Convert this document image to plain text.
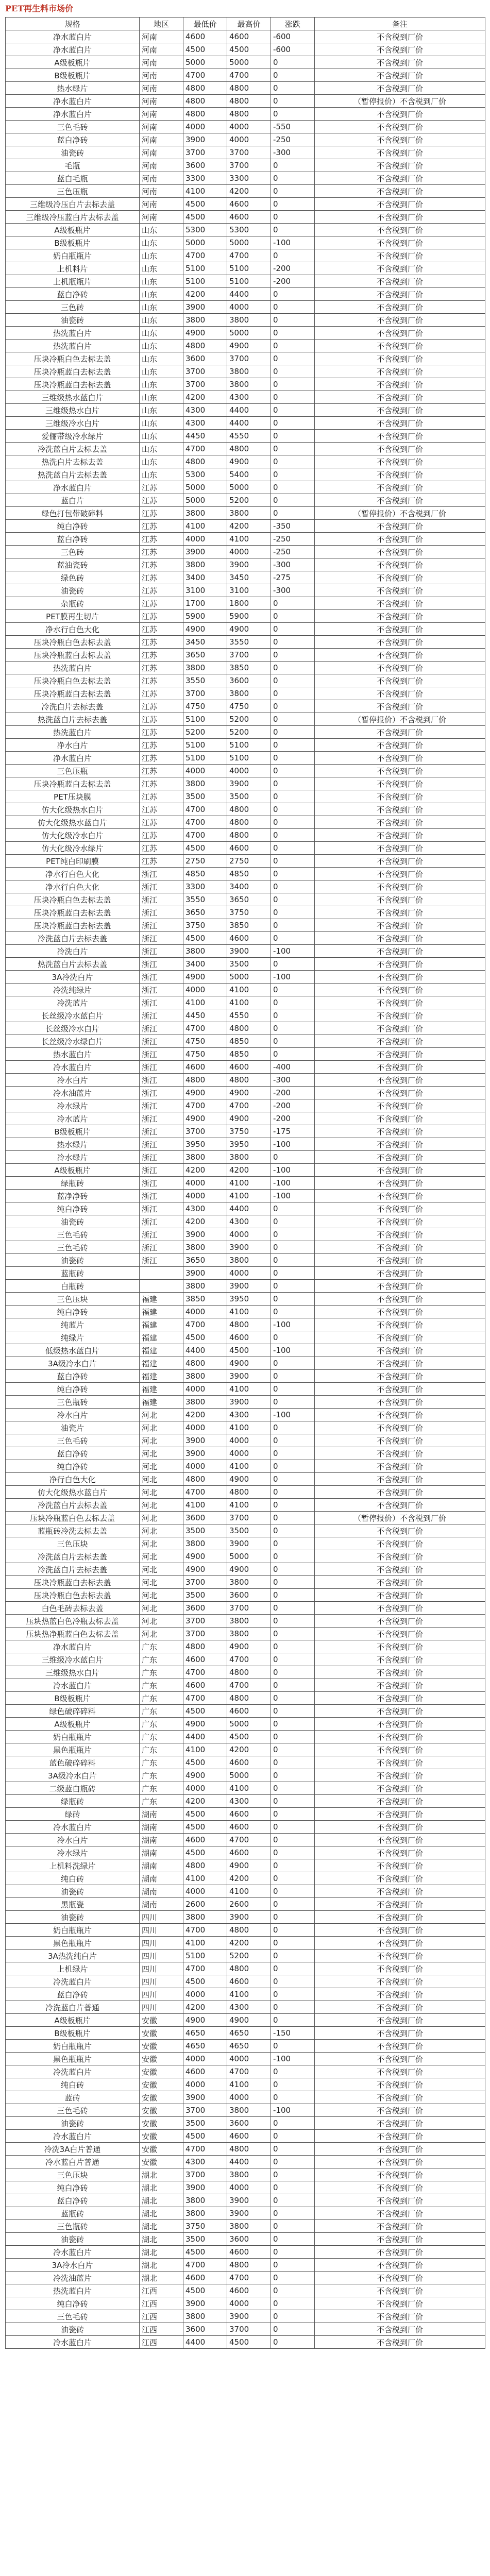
PET再生料市场价
规格	地区	最低价	最高价	涨跌	备注
净水蓝白片	河南	4600	4600	-600	不含税到厂价
净水蓝白片	河南	4500	4500	-600	不含税到厂价
A级板瓶片	河南	5000	5000	0	不含税到厂价
B级板瓶片	河南	4700	4700	0	不含税到厂价
热水绿片	河南	4800	4800	0	不含税到厂价
净水蓝白片	河南	4800	4800	0	（暂停报价）不含税到厂价
净水蓝白片	河南	4800	4800	0	不含税到厂价
三色毛砖	河南	4000	4000	-550	不含税到厂价
蓝白净砖	河南	3900	4000	-250	不含税到厂价
油瓷砖	河南	3700	3700	-300	不含税到厂价
毛瓶	河南	3600	3700	0	不含税到厂价
蓝白毛瓶	河南	3300	3300	0	不含税到厂价
三色压瓶	河南	4100	4200	0	不含税到厂价
三维级冷压白片去标去盖	河南	4500	4600	0	不含税到厂价
三维级冷压蓝白片去标去盖	河南	4500	4600	0	不含税到厂价
A级板瓶片	山东	5300	5300	0	不含税到厂价
B级板瓶片	山东	5000	5000	-100	不含税到厂价
奶白瓶瓶片	山东	4700	4700	0	不含税到厂价
上机料片	山东	5100	5100	-200	不含税到厂价
上机瓶瓶片	山东	5100	5100	-200	不含税到厂价
蓝白净砖	山东	4200	4400	0	不含税到厂价
三色砖	山东	3900	4000	0	不含税到厂价
油瓷砖	山东	3800	3800	0	不含税到厂价
热洗蓝白片	山东	4900	5000	0	不含税到厂价
热洗蓝白片	山东	4800	4900	0	不含税到厂价
压块冷瓶白色去标去盖	山东	3600	3700	0	不含税到厂价
压块冷瓶蓝白去标去盖	山东	3700	3800	0	不含税到厂价
压块冷瓶蓝白去标去盖	山东	3700	3800	0	不含税到厂价
三维级热水蓝白片	山东	4200	4300	0	不含税到厂价
三维级热水白片	山东	4300	4400	0	不含税到厂价
三维级冷水白片	山东	4300	4400	0	不含税到厂价
爱俪带级冷水绿片	山东	4450	4550	0	不含税到厂价
冷洗蓝白片去标去盖	山东	4700	4800	0	不含税到厂价
热洗白片去标去盖	山东	4800	4900	0	不含税到厂价
热洗蓝白片去标去盖	山东	5300	5400	0	不含税到厂价
净水蓝白片	江苏	5000	5000	0	不含税到厂价
蓝白片	江苏	5000	5200	0	不含税到厂价
绿色打包带破碎料	江苏	3800	3800	0	（暂停报价）不含税到厂价
纯白净砖	江苏	4100	4200	-350	不含税到厂价
蓝白净砖	江苏	4000	4100	-250	不含税到厂价
三色砖	江苏	3900	4000	-250	不含税到厂价
蓝油瓷砖	江苏	3800	3900	-300	不含税到厂价
绿色砖	江苏	3400	3450	-275	不含税到厂价
油瓷砖	江苏	3100	3100	-300	不含税到厂价
杂瓶砖	江苏	1700	1800	0	不含税到厂价
PET膜再生切片	江苏	5900	5900	0	不含税到厂价
净水行白色大化	江苏	4900	4900	0	不含税到厂价
压块冷瓶白色去标去盖	江苏	3450	3550	0	不含税到厂价
压块冷瓶蓝白去标去盖	江苏	3650	3700	0	不含税到厂价
热洗蓝白片	江苏	3800	3850	0	不含税到厂价
压块冷瓶白色去标去盖	江苏	3550	3600	0	不含税到厂价
压块冷瓶蓝白去标去盖	江苏	3700	3800	0	不含税到厂价
冷洗白片去标去盖	江苏	4750	4750	0	不含税到厂价
热洗蓝白片去标去盖	江苏	5100	5200	0	（暂停报价）不含税到厂价
热洗蓝白片	江苏	5200	5200	0	不含税到厂价
净水白片	江苏	5100	5100	0	不含税到厂价
净水蓝白片	江苏	5100	5100	0	不含税到厂价
三色压瓶	江苏	4000	4000	0	不含税到厂价
压块冷瓶蓝白去标去盖	江苏	3800	3900	0	不含税到厂价
PET压块膜	江苏	3500	3500	0	不含税到厂价
仿大化级热水白片	江苏	4700	4800	0	不含税到厂价
仿大化级热水蓝白片	江苏	4700	4800	0	不含税到厂价
仿大化级冷水白片	江苏	4700	4800	0	不含税到厂价
仿大化级冷水绿片	江苏	4500	4600	0	不含税到厂价
PET纯白印刷膜	江苏	2750	2750	0	不含税到厂价
净水行白色大化	浙江	4850	4850	0	不含税到厂价
净水行白色大化	浙江	3300	3400	0	不含税到厂价
压块冷瓶白色去标去盖	浙江	3550	3650	0	不含税到厂价
压块冷瓶蓝白去标去盖	浙江	3650	3750	0	不含税到厂价
压块冷瓶蓝白去标去盖	浙江	3750	3850	0	不含税到厂价
冷洗蓝白片去标去盖	浙江	4500	4600	0	不含税到厂价
冷洗白片	浙江	3800	3900	-100	不含税到厂价
热洗蓝白片去标去盖	浙江	3400	3500	0	不含税到厂价
3A冷洗白片	浙江	4900	5000	-100	不含税到厂价
冷洗纯绿片	浙江	4000	4100	0	不含税到厂价
冷洗蓝片	浙江	4100	4100	0	不含税到厂价
长丝级冷水蓝白片	浙江	4450	4550	0	不含税到厂价
长丝级冷水白片	浙江	4700	4800	0	不含税到厂价
长丝级冷水绿白片	浙江	4750	4850	0	不含税到厂价
热水蓝白片	浙江	4750	4850	0	不含税到厂价
冷水蓝白片	浙江	4600	4600	-400	不含税到厂价
冷水白片	浙江	4800	4800	-300	不含税到厂价
冷水油蓝片	浙江	4900	4900	-200	不含税到厂价
冷水绿片	浙江	4700	4700	-200	不含税到厂价
冷水蓝片	浙江	4900	4900	-200	不含税到厂价
B级板瓶片	浙江	3700	3750	-175	不含税到厂价
热水绿片	浙江	3950	3950	-100	不含税到厂价
冷水绿片	浙江	3800	3800	0	不含税到厂价
A级板瓶片	浙江	4200	4200	-100	不含税到厂价
绿瓶砖	浙江	4000	4100	-100	不含税到厂价
蓝净净砖	浙江	4000	4100	-100	不含税到厂价
纯白净砖	浙江	4300	4400	0	不含税到厂价
油瓷砖	浙江	4200	4300	0	不含税到厂价
三色毛砖	浙江	3900	4000	0	不含税到厂价
三色毛砖	浙江	3800	3900	0	不含税到厂价
油瓷砖	浙江	3650	3800	0	不含税到厂价
蓝瓶砖		3900	4000	0	不含税到厂价
白瓶砖		3800	3900	0	不含税到厂价
三色压块	福建	3850	3950	0	不含税到厂价
纯白净砖	福建	4000	4100	0	不含税到厂价
纯蓝片	福建	4700	4800	-100	不含税到厂价
纯绿片	福建	4500	4600	0	不含税到厂价
低级热水蓝白片	福建	4400	4500	-100	不含税到厂价
3A级冷水白片	福建	4800	4900	0	不含税到厂价
蓝白净砖	福建	3800	3900	0	不含税到厂价
纯白净砖	福建	4000	4100	0	不含税到厂价
三色瓶砖	福建	3800	3900	0	不含税到厂价
冷水白片	河北	4200	4300	-100	不含税到厂价
油瓷片	河北	4000	4100	0	不含税到厂价
三色毛砖	河北	3900	4000	0	不含税到厂价
蓝白净砖	河北	3900	4000	0	不含税到厂价
纯白净砖	河北	4000	4100	0	不含税到厂价
净行白色大化	河北	4800	4900	0	不含税到厂价
仿大化级热水蓝白片	河北	4700	4800	0	不含税到厂价
冷洗蓝白片去标去盖	河北	4100	4100	0	不含税到厂价
压块冷瓶蓝白色去标去盖	河北	3600	3700	0	（暂停报价）不含税到厂价
蓝瓶砖冷洗去标去盖	河北	3500	3500	0	不含税到厂价
三色压块	河北	3800	3900	0	不含税到厂价
冷洗蓝白片去标去盖	河北	4900	5000	0	不含税到厂价
冷洗蓝白片去标去盖	河北	4900	4900	0	不含税到厂价
压块冷瓶蓝白去标去盖	河北	3700	3800	0	不含税到厂价
压块冷瓶白色去标去盖	河北	3500	3600	0	不含税到厂价
白色毛砖去标去盖	河北	3600	3700	0	不含税到厂价
压块热蓝白色冷瓶去标去盖	河北	3700	3800	0	不含税到厂价
压块热净瓶蓝白色去标去盖	河北	3700	3800	0	不含税到厂价
净水蓝白片	广东	4800	4900	0	不含税到厂价
三维级冷水蓝白片	广东	4600	4700	0	不含税到厂价
三维级热水白片	广东	4700	4800	0	不含税到厂价
冷水蓝白片	广东	4600	4700	0	不含税到厂价
B级板瓶片	广东	4700	4800	0	不含税到厂价
绿色破碎碎料	广东	4500	4600	0	不含税到厂价
A级板瓶片	广东	4900	5000	0	不含税到厂价
奶白瓶瓶片	广东	4400	4500	0	不含税到厂价
黑色瓶瓶片	广东	4100	4200	0	不含税到厂价
蓝色破碎碎料	广东	4500	4600	0	不含税到厂价
3A级冷水白片	广东	4900	5000	0	不含税到厂价
二级蓝白瓶砖	广东	4000	4100	0	不含税到厂价
绿瓶砖	广东	4200	4300	0	不含税到厂价
绿砖	湖南	4500	4600	0	不含税到厂价
冷水蓝白片	湖南	4500	4600	0	不含税到厂价
冷水白片	湖南	4600	4700	0	不含税到厂价
冷水绿片	湖南	4500	4600	0	不含税到厂价
上机料洗绿片	湖南	4800	4900	0	不含税到厂价
纯白砖	湖南	4100	4200	0	不含税到厂价
油瓷砖	湖南	4000	4100	0	不含税到厂价
黑瓶瓷	湖南	2600	2600	0	不含税到厂价
油瓷砖	四川	3800	3900	0	不含税到厂价
奶白瓶瓶片	四川	4700	4800	0	不含税到厂价
黑色瓶瓶片	四川	4100	4200	0	不含税到厂价
3A热洗纯白片	四川	5100	5200	0	不含税到厂价
上机绿片	四川	4700	4800	0	不含税到厂价
冷洗蓝白片	四川	4500	4600	0	不含税到厂价
蓝白净砖	四川	4000	4100	0	不含税到厂价
冷洗蓝白片普通	四川	4200	4300	0	不含税到厂价
A级板瓶片	安徽	4900	4900	0	不含税到厂价
B级板瓶片	安徽	4650	4650	-150	不含税到厂价
奶白瓶瓶片	安徽	4650	4650	0	不含税到厂价
黑色瓶瓶片	安徽	4000	4000	-100	不含税到厂价
冷洗蓝白片	安徽	4600	4700	0	不含税到厂价
纯白砖	安徽	4000	4100	0	不含税到厂价
蓝砖	安徽	3900	4000	0	不含税到厂价
三色毛砖	安徽	3700	3800	-100	不含税到厂价
油瓷砖	安徽	3500	3600	0	不含税到厂价
冷水蓝白片	安徽	4500	4600	0	不含税到厂价
冷洗3A白片普通	安徽	4700	4800	0	不含税到厂价
冷水蓝白片普通	安徽	4300	4400	0	不含税到厂价
三色压块	湖北	3700	3800	0	不含税到厂价
纯白净砖	湖北	3900	4000	0	不含税到厂价
蓝白净砖	湖北	3800	3900	0	不含税到厂价
蓝瓶砖	湖北	3800	3900	0	不含税到厂价
三色瓶砖	湖北	3750	3800	0	不含税到厂价
油瓷砖	湖北	3500	3600	0	不含税到厂价
冷水蓝白片	湖北	4500	4600	0	不含税到厂价
3A冷水白片	湖北	4700	4800	0	不含税到厂价
冷洗油蓝片	湖北	4600	4700	0	不含税到厂价
热洗蓝白片	江西	4500	4600	0	不含税到厂价
纯白净砖	江西	3900	4000	0	不含税到厂价
三色毛砖	江西	3800	3900	0	不含税到厂价
油瓷砖	江西	3600	3700	0	不含税到厂价
冷水蓝白片	江西	4400	4500	0	不含税到厂价
